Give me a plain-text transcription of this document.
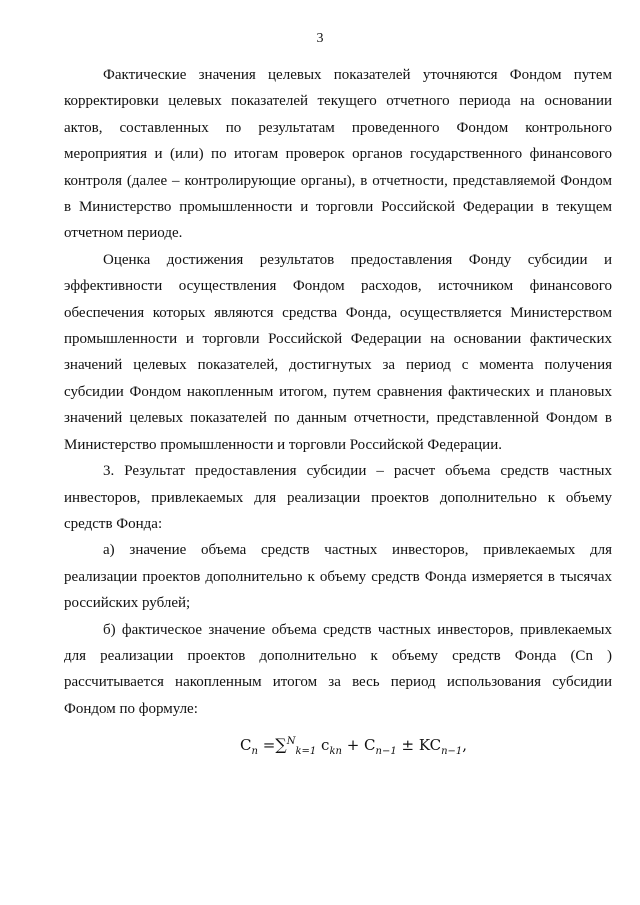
3

Фактические значения целевых показателей уточняются Фондом путем корректировки целевых показателей текущего отчетного периода на основании актов, составленных по результатам проведенного Фондом контрольного мероприятия и (или) по итогам проверок органов государственного финансового контроля (далее – контролирующие органы), в отчетности, представляемой Фондом в Министерство промышленности и торговли Российской Федерации в текущем отчетном периоде.

Оценка достижения результатов предоставления Фонду субсидии и эффективности осуществления Фондом расходов, источником финансового обеспечения которых являются средства Фонда, осуществляется Министерством промышленности и торговли Российской Федерации на основании фактических значений целевых показателей, достигнутых за период с момента получения субсидии Фондом накопленным итогом, путем сравнения фактических и плановых значений целевых показателей по данным отчетности, представленной Фондом в Министерство промышленности и торговли Российской Федерации.

3. Результат предоставления субсидии – расчет объема средств частных инвесторов, привлекаемых для реализации проектов дополнительно к объему средств Фонда:

а) значение объема средств частных инвесторов, привлекаемых для реализации проектов дополнительно к объему средств Фонда измеряется в тысячах российских рублей;

б) фактическое значение объема средств частных инвесторов, привлекаемых для реализации проектов дополнительно к объему средств Фонда (Cn ) рассчитывается накопленным итогом за весь период использования субсидии Фондом по формуле:

$C_n =\sum^N_{k=1}$ $c_{kn} + C_{n-1} \pm KC_{n-1}$,
